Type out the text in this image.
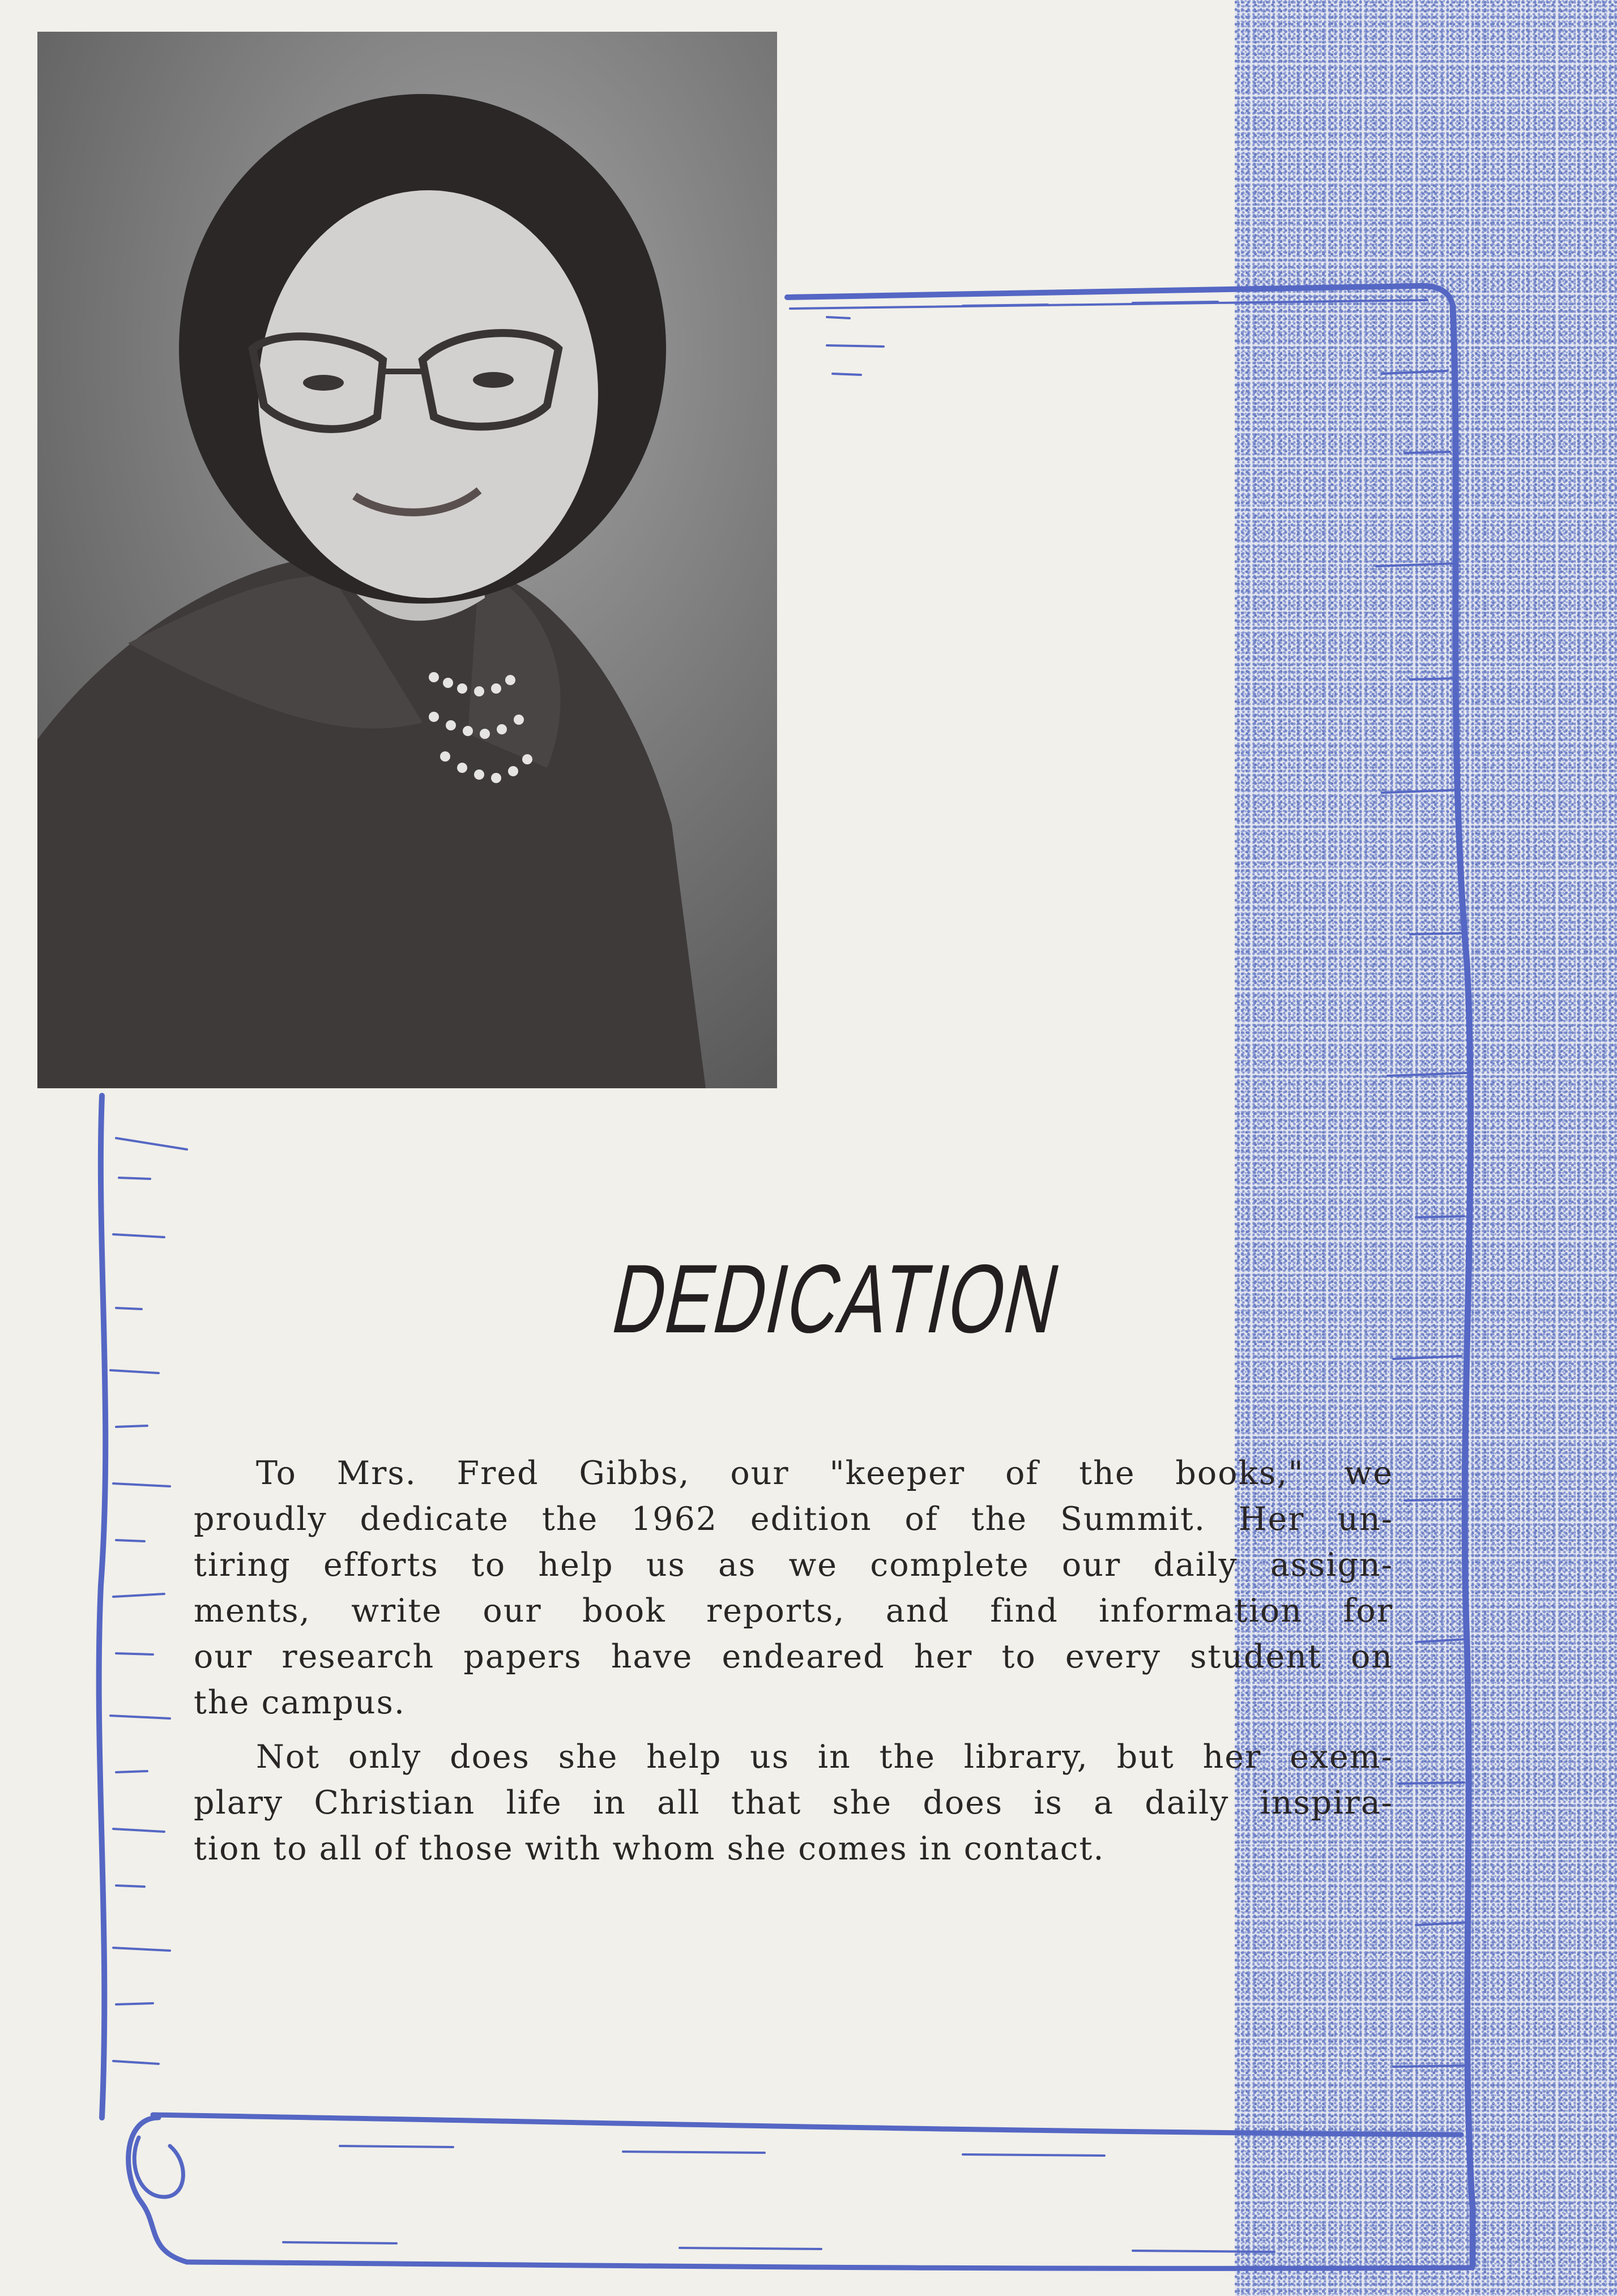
DEDICATION
To Mrs. Fred Gibbs, our "keeper of the books," we
proudly dedicate the 1962 edition of the Summit. Her un-
tiring efforts to help us as we complete our daily assign-
ments, write our book reports, and find information for
our research papers have endeared her to every student on
the campus.
Not only does she help us in the library, but her exem-
plary Christian life in all that she does is a daily inspira-
tion to all of those with whom she comes in contact.
